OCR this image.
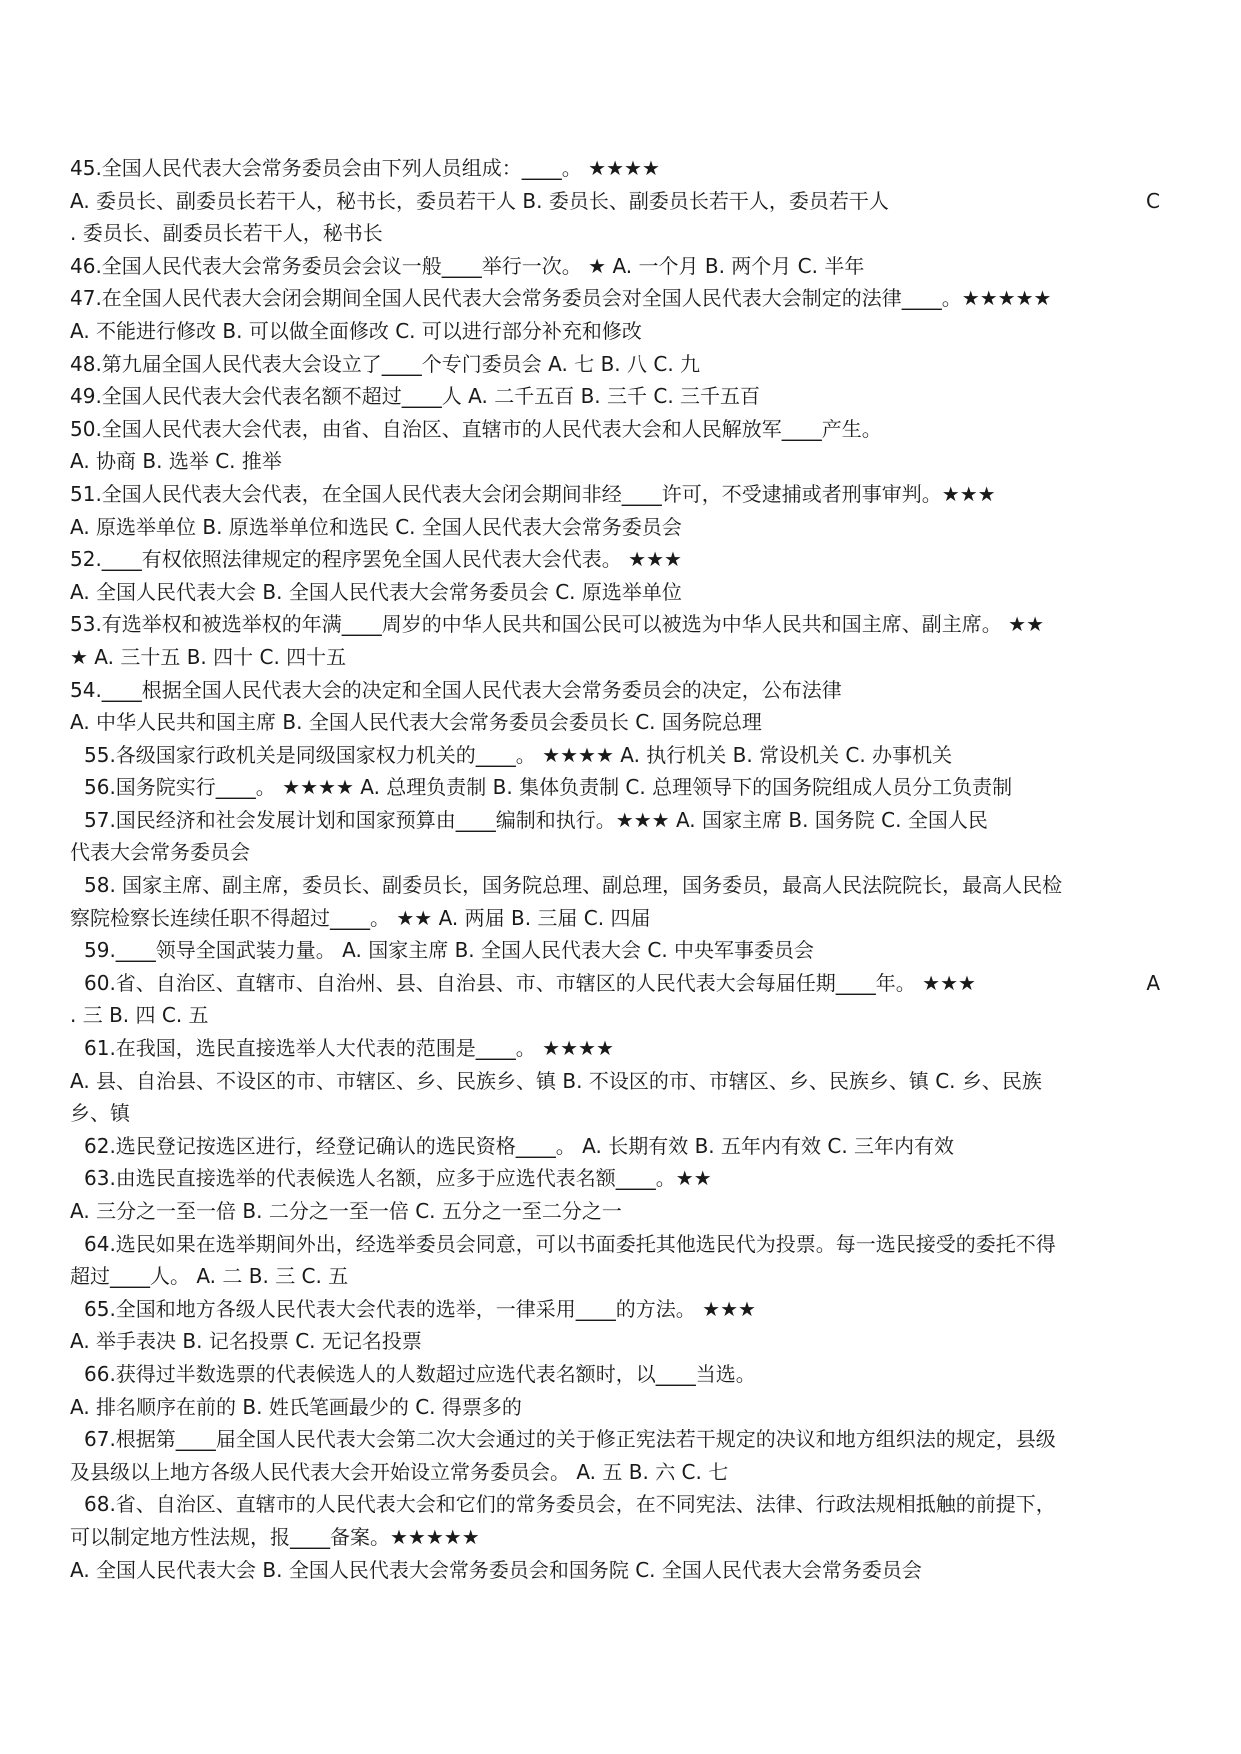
45.全国人民代表大会常务委员会由下列人员组成：____。 ★★★★
A. 委员长、副委员长若干人，秘书长，委员若干人 B. 委员长、副委员长若干人，委员若干人	C
. 委员长、副委员长若干人，秘书长
46.全国人民代表大会常务委员会会议一般____举行一次。 ★ A. 一个月 B. 两个月 C. 半年
47.在全国人民代表大会闭会期间全国人民代表大会常务委员会对全国人民代表大会制定的法律____。★★★★★
A. 不能进行修改 B. 可以做全面修改 C. 可以进行部分补充和修改
48.第九届全国人民代表大会设立了____个专门委员会 A. 七 B. 八 C. 九
49.全国人民代表大会代表名额不超过____人 A. 二千五百 B. 三千 C. 三千五百
50.全国人民代表大会代表，由省、自治区、直辖市的人民代表大会和人民解放军____产生。
A. 协商 B. 选举 C. 推举
51.全国人民代表大会代表，在全国人民代表大会闭会期间非经____许可，不受逮捕或者刑事审判。★★★
A. 原选举单位 B. 原选举单位和选民 C. 全国人民代表大会常务委员会
52.____有权依照法律规定的程序罢免全国人民代表大会代表。 ★★★
A. 全国人民代表大会 B. 全国人民代表大会常务委员会 C. 原选举单位
53.有选举权和被选举权的年满____周岁的中华人民共和国公民可以被选为中华人民共和国主席、副主席。 ★★
★ A. 三十五 B. 四十 C. 四十五
54.____根据全国人民代表大会的决定和全国人民代表大会常务委员会的决定，公布法律
A. 中华人民共和国主席 B. 全国人民代表大会常务委员会委员长 C. 国务院总理
55.各级国家行政机关是同级国家权力机关的____。 ★★★★ A. 执行机关 B. 常设机关 C. 办事机关
56.国务院实行____。 ★★★★ A. 总理负责制 B. 集体负责制 C. 总理领导下的国务院组成人员分工负责制
57.国民经济和社会发展计划和国家预算由____编制和执行。★★★ A. 国家主席 B. 国务院 C. 全国人民
代表大会常务委员会
58. 国家主席、副主席，委员长、副委员长，国务院总理、副总理，国务委员，最高人民法院院长，最高人民检
察院检察长连续任职不得超过____。 ★★ A. 两届 B. 三届 C. 四届
59.____领导全国武装力量。 A. 国家主席 B. 全国人民代表大会 C. 中央军事委员会
60.省、自治区、直辖市、自治州、县、自治县、市、市辖区的人民代表大会每届任期____年。 ★★★	A
. 三 B. 四 C. 五
61.在我国，选民直接选举人大代表的范围是____。 ★★★★
A. 县、自治县、不设区的市、市辖区、乡、民族乡、镇 B. 不设区的市、市辖区、乡、民族乡、镇 C. 乡、民族
乡、镇
62.选民登记按选区进行，经登记确认的选民资格____。 A. 长期有效 B. 五年内有效 C. 三年内有效
63.由选民直接选举的代表候选人名额，应多于应选代表名额____。★★
A. 三分之一至一倍 B. 二分之一至一倍 C. 五分之一至二分之一
64.选民如果在选举期间外出，经选举委员会同意，可以书面委托其他选民代为投票。每一选民接受的委托不得
超过____人。 A. 二 B. 三 C. 五
65.全国和地方各级人民代表大会代表的选举，一律采用____的方法。 ★★★
A. 举手表决 B. 记名投票 C. 无记名投票
66.获得过半数选票的代表候选人的人数超过应选代表名额时，以____当选。
A. 排名顺序在前的 B. 姓氏笔画最少的 C. 得票多的
67.根据第____届全国人民代表大会第二次大会通过的关于修正宪法若干规定的决议和地方组织法的规定，县级
及县级以上地方各级人民代表大会开始设立常务委员会。 A. 五 B. 六 C. 七
68.省、自治区、直辖市的人民代表大会和它们的常务委员会，在不同宪法、法律、行政法规相抵触的前提下，
可以制定地方性法规，报____备案。★★★★★
A. 全国人民代表大会 B. 全国人民代表大会常务委员会和国务院 C. 全国人民代表大会常务委员会
